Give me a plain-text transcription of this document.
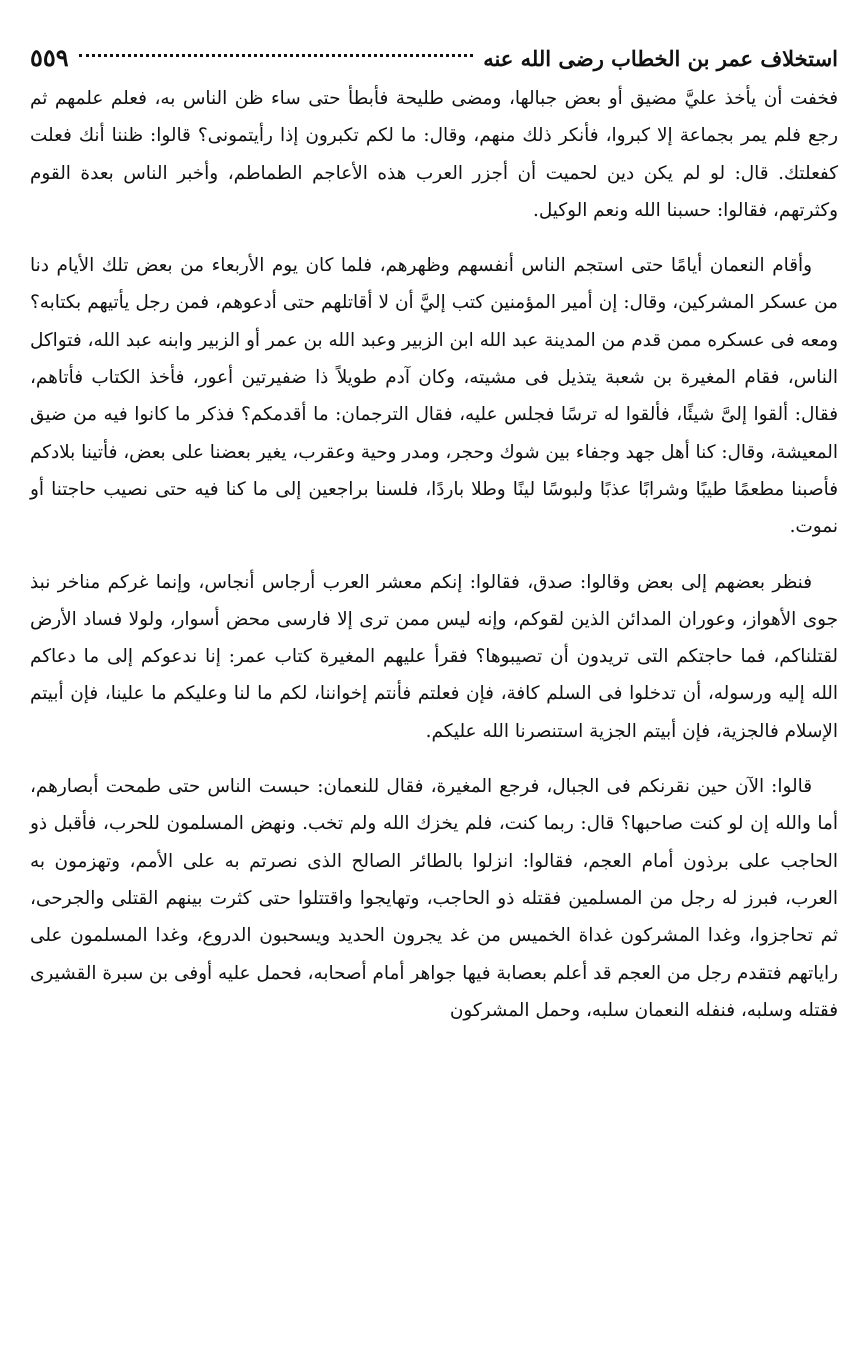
استخلاف عمر بن الخطاب رضى الله عنه
٥٥٩

فخفت أن يأخذ عليَّ مضيق أو بعض جبالها، ومضى طليحة فأبطأ حتى ساء ظن الناس به، فعلم علمهم ثم رجع فلم يمر بجماعة إلا كبروا، فأنكر ذلك منهم، وقال: ما لكم تكبرون إذا رأيتمونى؟ قالوا: ظننا أنك فعلت كفعلتك. قال: لو لم يكن دين لحميت أن أجزر العرب هذه الأعاجم الطماطم، وأخبر الناس بعدة القوم وكثرتهم، فقالوا: حسبنا الله ونعم الوكيل.

وأقام النعمان أيامًا حتى استجم الناس أنفسهم وظهرهم، فلما كان يوم الأربعاء من بعض تلك الأيام دنا من عسكر المشركين، وقال: إن أمير المؤمنين كتب إليَّ أن لا أقاتلهم حتى أدعوهم، فمن رجل يأتيهم بكتابه؟ ومعه فى عسكره ممن قدم من المدينة عبد الله ابن الزبير وعبد الله بن عمر أو الزبير وابنه عبد الله، فتواكل الناس، فقام المغيرة بن شعبة يتذيل فى مشيته، وكان آدم طويلاً ذا ضفيرتين أعور، فأخذ الكتاب فأتاهم، فقال: ألقوا إلىَّ شيئًا، فألقوا له ترسًا فجلس عليه، فقال الترجمان: ما أقدمكم؟ فذكر ما كانوا فيه من ضيق المعيشة، وقال: كنا أهل جهد وجفاء بين شوك وحجر، ومدر وحية وعقرب، يغير بعضنا على بعض، فأتينا بلادكم فأصبنا مطعمًا طيبًا وشرابًا عذبًا ولبوسًا لينًا وطلا باردًا، فلسنا براجعين إلى ما كنا فيه حتى نصيب حاجتنا أو نموت.

فنظر بعضهم إلى بعض وقالوا: صدق، فقالوا: إنكم معشر العرب أرجاس أنجاس، وإنما غركم مناخر نبذ جوى الأهواز، وعوران المدائن الذين لقوكم، وإنه ليس ممن ترى إلا فارسى محض أسوار، ولولا فساد الأرض لقتلناكم، فما حاجتكم التى تريدون أن تصيبوها؟ فقرأ عليهم المغيرة كتاب عمر: إنا ندعوكم إلى ما دعاكم الله إليه ورسوله، أن تدخلوا فى السلم كافة، فإن فعلتم فأنتم إخواننا، لكم ما لنا وعليكم ما علينا، فإن أبيتم الإسلام فالجزية، فإن أبيتم الجزية استنصرنا الله عليكم.

قالوا: الآن حين نقرنكم فى الجبال، فرجع المغيرة، فقال للنعمان: حبست الناس حتى طمحت أبصارهم، أما والله إن لو كنت صاحبها؟ قال: ربما كنت، فلم يخزك الله ولم تخب. ونهض المسلمون للحرب، فأقبل ذو الحاجب على برذون أمام العجم، فقالوا: انزلوا بالطائر الصالح الذى نصرتم به على الأمم، وتهزمون به العرب، فبرز له رجل من المسلمين فقتله ذو الحاجب، وتهايجوا واقتتلوا حتى كثرت بينهم القتلى والجرحى، ثم تحاجزوا، وغدا المشركون غداة الخميس من غد يجرون الحديد ويسحبون الدروع، وغدا المسلمون على راياتهم فتقدم رجل من العجم قد أعلم بعصابة فيها جواهر أمام أصحابه، فحمل عليه أوفى بن سبرة القشيرى فقتله وسلبه، فنفله النعمان سلبه، وحمل المشركون
